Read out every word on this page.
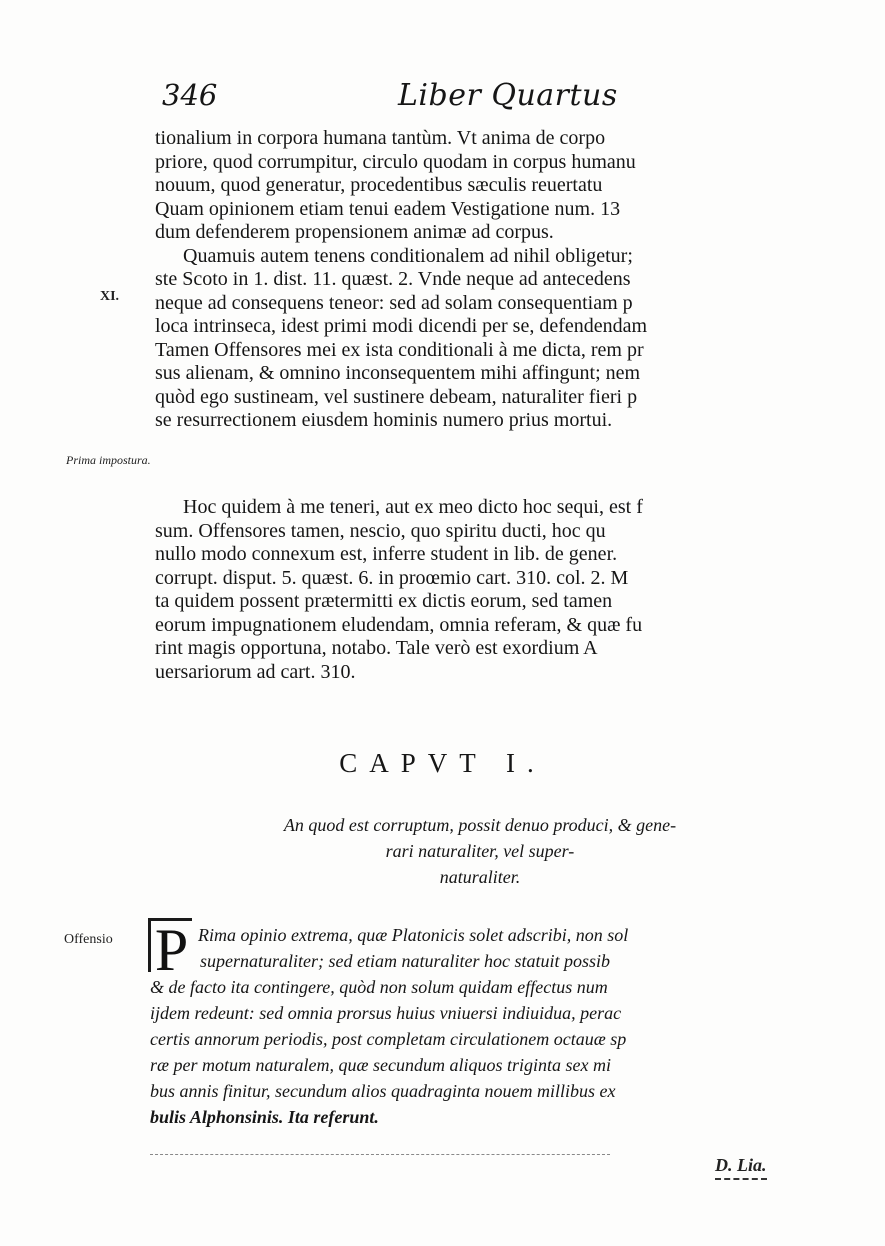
346	Liber Quartus
tionalium in corpora humana tantùm. Vt anima de corpo
priore, quod corrumpitur, circulo quodam in corpus humanu
nouum, quod generatur, procedentibus sæculis reuertatu
Quam opinionem etiam tenui eadem Vestigatione num. 13
dum defenderem propensionem animæ ad corpus.
Quamuis autem tenens conditionalem ad nihil obligetur;
ste Scoto in 1. dist. 11. quæst. 2. Vnde neque ad antecedens
neque ad consequens teneor: sed ad solam consequentiam p
loca intrinseca, idest primi modi dicendi per se, defendendam
Tamen Offensores mei ex ista conditionali à me dicta, rem pr
sus alienam, & omnino inconsequentem mihi affingunt; nem
quòd ego sustineam, vel sustinere debeam, naturaliter fieri p
se resurrectionem eiusdem hominis numero prius mortui.
Hoc quidem à me teneri, aut ex meo dicto hoc sequi, est f
sum. Offensores tamen, nescio, quo spiritu ducti, hoc qu
nullo modo connexum est, inferre student in lib. de gener.
corrupt. disput. 5. quæst. 6. in proœmio cart. 310. col. 2. M
ta quidem possent prætermitti ex dictis eorum, sed tamen
eorum impugnationem eludendam, omnia referam, & quæ fu
rint magis opportuna, notabo. Tale verò est exordium A
uersariorum ad cart. 310.
XI.
Prima impostura.
Offensio
CAPVT I.
An quod est corruptum, possit denuo produci, & gene-
rari naturaliter, vel super-
naturaliter.
P Rima opinio extrema, quæ Platonicis solet adscribi, non sol
supernaturaliter; sed etiam naturaliter hoc statuit possib
& de facto ita contingere, quòd non solum quidam effectus num
ijdem redeunt: sed omnia prorsus huius vniuersi indiuidua, perac
certis annorum periodis, post completam circulationem octauæ sp
ræ per motum naturalem, quæ secundum aliquos triginta sex mi
bus annis finitur, secundum alios quadraginta nouem millibus ex
bulis Alphonsinis. Ita referunt.
D. Lia.
